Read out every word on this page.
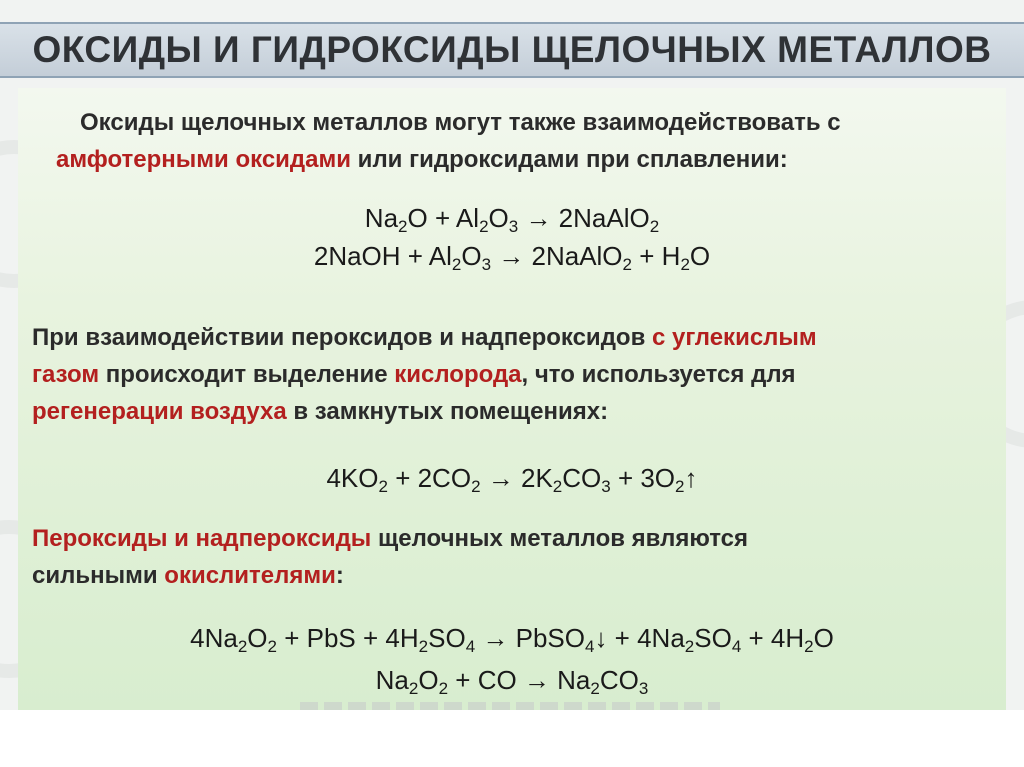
ОКСИДЫ И ГИДРОКСИДЫ ЩЕЛОЧНЫХ МЕТАЛЛОВ

Оксиды щелочных металлов могут также взаимодействовать с
амфотерными оксидами или гидроксидами при сплавлении:

$Na_2O + Al_2O_3$ → 2NaAlO$_2$
2NaOH + $Al_2O_3$ → 2NaAlO$_2$ + $H_2O$

При взаимодействии пероксидов и надпероксидов с углекислым
газом происходит выделение кислорода, что используется для
регенерации воздуха в замкнутых помещениях:

$4KO_2 + 2CO_2 \to 2K_2CO_3$ + $3O_2↑$

Пероксиды и надпероксиды щелочных металлов являются
сильными окислителями:

$4Na_2O_2$ + PbS + $4H_2SO_4$ → PbSO$_4$↓ + $4Na_2SO_4 + 4H_2O$
$Na_2O_2$ + CO → $Na_2CO_3$
